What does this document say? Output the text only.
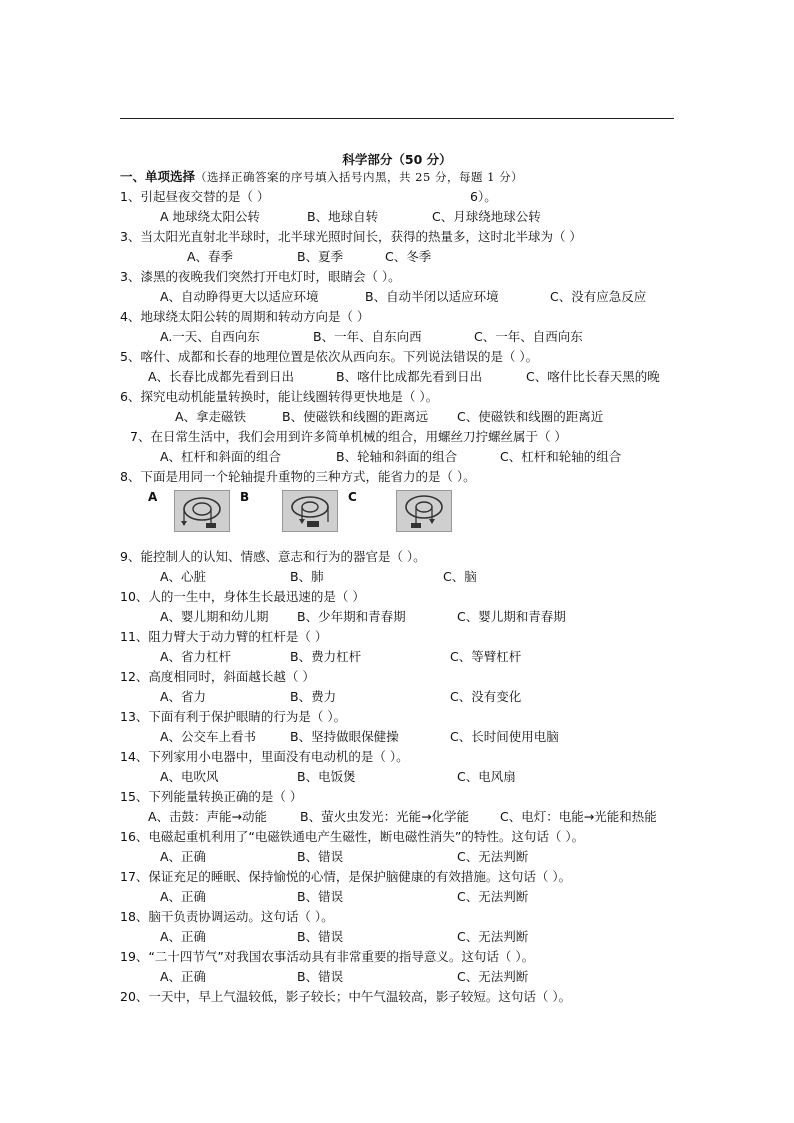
科学部分（50 分）
一、单项选择（选择正确答案的序号填入括号内黑，共 25 分，每题 1 分）
1、引起昼夜交替的是（ ）	6）。
A 地球绕太阳公转	B、地球自转	C、月球绕地球公转
3、当太阳光直射北半球时，北半球光照时间长，获得的热量多，这时北半球为（ ）
A、春季	B、夏季	C、冬季
3、漆黑的夜晚我们突然打开电灯时，眼睛会（ ）。
A、自动睁得更大以适应环境	B、自动半闭以适应环境	C、没有应急反应
4、地球绕太阳公转的周期和转动方向是（ ）
A.一天、自西向东	B、一年、自东向西	C、一年、自西向东
5、喀什、成都和长春的地理位置是依次从西向东。下列说法错误的是（ ）。
A、长春比成都先看到日出	B、喀什比成都先看到日出	C、喀什比长春天黑的晚
6、探究电动机能量转换时，能让线圈转得更快地是（ ）。
A、拿走磁铁	B、使磁铁和线圈的距离远 C、使磁铁和线圈的距离近
7、在日常生活中，我们会用到许多简单机械的组合，用螺丝刀拧螺丝属于（ ）
A、杠杆和斜面的组合	B、轮轴和斜面的组合	C、杠杆和轮轴的组合
8、下面是用同一个轮轴提升重物的三种方式，能省力的是（ ）。
A	B	C
9、能控制人的认知、情感、意志和行为的器官是（ ）。
A、心脏	B、肺	C、脑
10、人的一生中，身体生长最迅速的是（ ）
A、婴儿期和幼儿期 B、少年期和青春期	C、婴儿期和青春期
11、阻力臂大于动力臂的杠杆是（ ）
A、省力杠杆	B、费力杠杆	C、等臂杠杆
12、高度相同时，斜面越长越（ ）
A、省力	B、费力	C、没有变化
13、下面有利于保护眼睛的行为是（ ）。
A、公交车上看书	B、坚持做眼保健操	C、长时间使用电脑
14、下列家用小电器中，里面没有电动机的是（ ）。
A、电吹风	B、电饭煲	C、电风扇
15、下列能量转换正确的是（ ）
A、击鼓：声能→动能	B、萤火虫发光：光能→化学能 C、电灯：电能→光能和热能
16、电磁起重机利用了“电磁铁通电产生磁性，断电磁性消失”的特性。这句话（ ）。
A、正确	B、错误	C、无法判断
17、保证充足的睡眠、保持愉悦的心情，是保护脑健康的有效措施。这句话（ ）。
A、正确	B、错误	C、无法判断
18、脑干负责协调运动。这句话（ ）。
A、正确	B、错误	C、无法判断
19、“二十四节气”对我国农事活动具有非常重要的指导意义。这句话（ ）。
A、正确	B、错误	C、无法判断
20、一天中，早上气温较低，影子较长；中午气温较高，影子较短。这句话（ ）。
